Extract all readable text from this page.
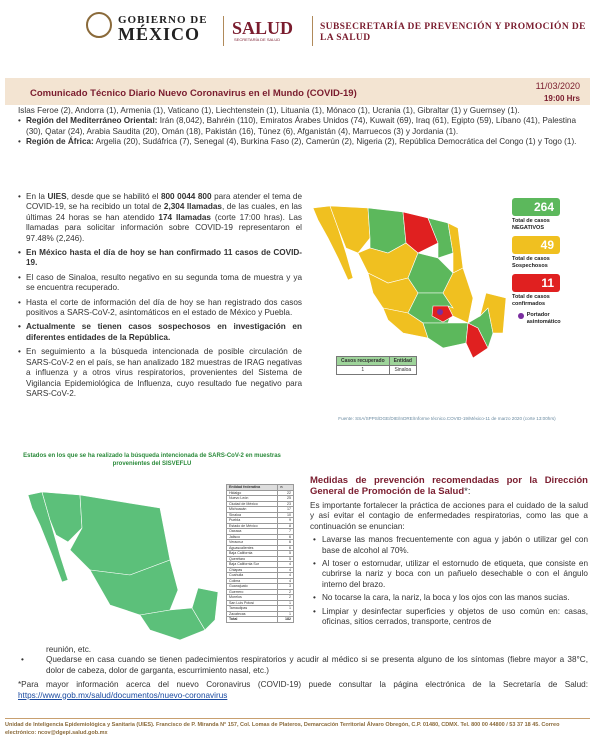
GOBIERNO DE
MÉXICO SALUD
SECRETARÍA DE SALUD
SUBSECRETARÍA DE PREVENCIÓN Y PROMOCIÓN DE LA SALUD
Comunicado Técnico Diario Nuevo Coronavirus en el Mundo (COVID-19)
11/03/2020
19:00 Hrs

Islas Feroe (2), Andorra (1), Armenia (1), Vaticano (1), Liechtenstein (1), Lituania (1), Mónaco (1), Ucrania (1), Gibraltar (1) y Guernsey (1).

• Región del Mediterráneo Oriental: Irán (8,042), Bahréin (110), Emiratos Árabes Unidos (74), Kuwait (69), Iraq (61), Egipto (59), Líbano (41), Palestina (30), Qatar (24), Arabia Saudita (20), Omán (18), Pakistán (16), Túnez (6), Afganistán (4), Marruecos (3) y Jordania (1).

• Región de África: Argelia (20), Sudáfrica (7), Senegal (4), Burkina Faso (2), Camerún (2), Nigeria (2), República Democrática del Congo (1) y Togo (1).

• En la UIES, desde que se habilitó el 800 0044 800 para atender el tema de COVID-19, se ha recibido un total de 2,304 llamadas, de las cuales, en las últimas 24 horas se han atendido 174 llamadas (corte 17:00 hras). Las llamadas para solicitar información sobre COVID-19 representaron el 97.48% (2,246).

• En México hasta el día de hoy se han confirmado 11 casos de COVID-19.

• El caso de Sinaloa, resulto negativo en su segunda toma de muestra y ya se encuentra recuperado.

• Hasta el corte de información del día de hoy se han registrado dos casos positivos a SARS-CoV-2, asintomáticos en el estado de México y Puebla.

• Actualmente se tienen casos sospechosos en investigación en diferentes entidades de la República.

• En seguimiento a la búsqueda intencionada de posible circulación de SARS-CoV-2 en el país, se han analizado 182 muestras de IRAG negativas a influenza y a otros virus respiratorios, provenientes del Sistema de Vigilancia Epidemiológica de Influenza, cuyo resultado fue negativo para SARS-CoV-2.

264
Total de casos NEGATIVOS
49
Total de casos Sospechosos
11
Total de casos confirmados
Portador asintomático
Casos recuperado	Entidad
1	Sinaloa
Fuente: SSA/SPPS/DGE/DIE/InDRE/Informe técnico.COVID-19/México-11 de marzo 2020 (corte 13:00hrs)
Estados en los que se ha realizado la búsqueda intencionada de SARS-CoV-2 en muestras provenientes del SISVEFLU
Entidad federativa	n
Hidalgo	22
Nuevo León	25
Ciudad de México	23
Michoacán	17
Sinaloa	10
Puebla	9
Estado de México	8
Oaxaca	7
Jalisco	6
Veracruz	6
Aguascalientes	6
Baja California	5
Querétaro	5
Baja California Sur	4
Chiapas	4
Coahuila	4
Colima	4
Guanajuato	3
Guerrero	2
Morelos	2
San Luis Potosí	1
Tamaulipas	1
Zacatecas	1
Total	182
Medidas de prevención recomendadas por la Dirección General de Promoción de la Salud*:

Es importante fortalecer la práctica de acciones para el cuidado de la salud y así evitar el contagio de enfermedades respiratorias, como las que a continuación se enuncian:

• Lavarse las manos frecuentemente con agua y jabón o utilizar gel con base de alcohol al 70%.

• Al toser o estornudar, utilizar el estornudo de etiqueta, que consiste en cubrirse la nariz y boca con un pañuelo desechable o con el ángulo interno del brazo.

• No tocarse la cara, la nariz, la boca y los ojos con las manos sucias.

• Limpiar y desinfectar superficies y objetos de uso común en: casas, oficinas, sitios cerrados, transporte, centros de

reunión, etc.

• Quedarse en casa cuando se tienen padecimientos respiratorios y acudir al médico si se presenta alguno de los síntomas (fiebre mayor a 38°C, dolor de cabeza, dolor de garganta, escurrimiento nasal, etc.)

*Para mayor información acerca del nuevo Coronavirus (COVID-19) puede consultar la página electrónica de la Secretaría de Salud: https://www.gob.mx/salud/documentos/nuevo-coronavirus

Unidad de Inteligencia Epidemiológica y Sanitaria (UIES). Francisco de P. Miranda N° 157, Col. Lomas de Plateros, Demarcación Territorial Álvaro Obregón, C.P. 01480, CDMX. Tel. 800 00 44800 / 53 37 18 45. Correo electrónico: ncov@dgepi.salud.gob.mx
